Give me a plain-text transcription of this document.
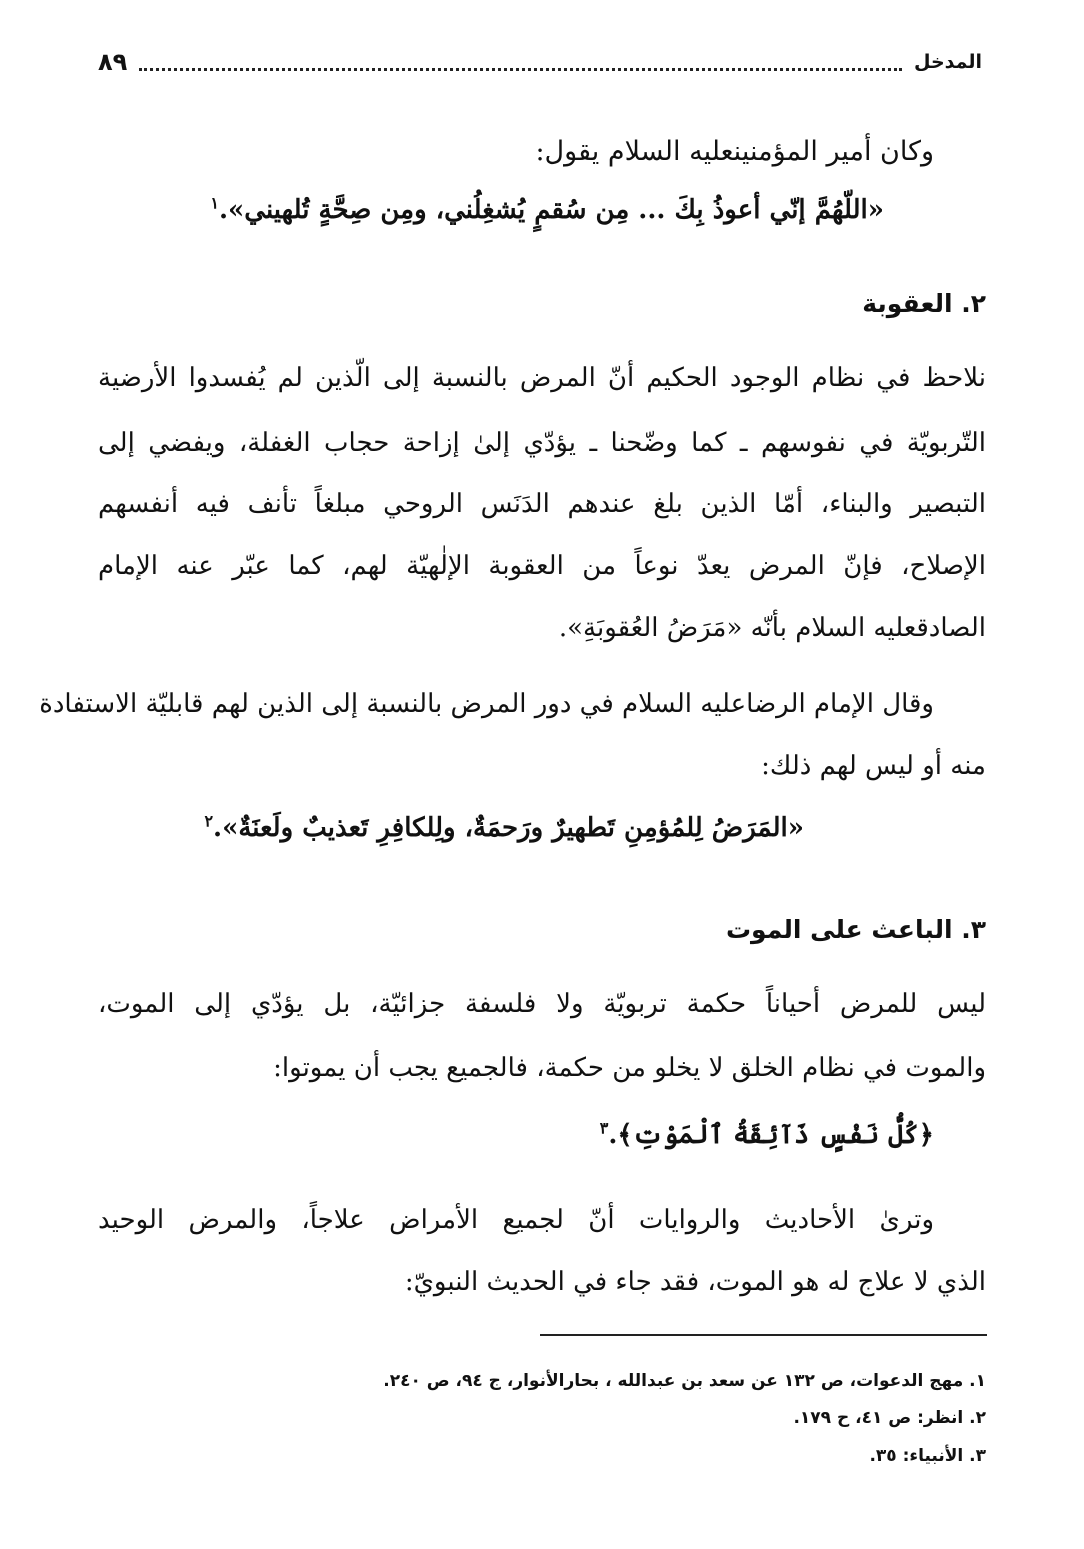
المدخل
٨٩
وكان أمير المؤمنينعليه السلام يقول:
«اللّهُمَّ إنّي أعوذُ بِكَ ... مِن سُقمٍ يُشغِلُني، ومِن صِحَّةٍ تُلهيني».$^١$
٢. العقوبة
نلاحظ في نظام الوجود الحكيم أنّ المرض بالنسبة إلى الّذين لم يُفسدوا الأرضية
التّربويّة في نفوسهم ـ كما وضّحنا ـ يؤدّي إلىٰ إزاحة حجاب الغفلة، ويفضي إلى
التبصير والبناء، أمّا الذين بلغ عندهم الدَنَس الروحي مبلغاً تأنف فيه أنفسهم
الإصلاح، فإنّ المرض يعدّ نوعاً من العقوبة الإلٰهيّة لهم، كما عبّر عنه الإمام
الصادقعليه السلام بأنّه «مَرَضُ العُقوبَةِ».
وقال الإمام الرضاعليه السلام في دور المرض بالنسبة إلى الذين لهم قابليّة الاستفادة
منه أو ليس لهم ذلك:
«المَرَضُ لِلمُؤمِنِ تَطهيرٌ ورَحمَةٌ، ولِلكافِرِ تَعذيبٌ ولَعنَةٌ».$^٢$
٣. الباعث على الموت
ليس للمرض أحياناً حكمة تربويّة ولا فلسفة جزائيّة، بل يؤدّي إلى الموت،
والموت في نظام الخلق لا يخلو من حكمة، فالجميع يجب أن يموتوا:
﴿كُلُّ نَفْسٍ ذَآئِقَةُ ٱلْمَوْتِ﴾.$^٣$
وترىٰ الأحاديث والروايات أنّ لجميع الأمراض علاجاً، والمرض الوحيد
الذي لا علاج له هو الموت، فقد جاء في الحديث النبويّ:
١. مهج الدعوات، ص ١٣٢ عن سعد بن عبدالله ، بحارالأنوار، ج ٩٤، ص ٢٤٠.
٢. انظر: ص ٤١، ح ١٧٩.
٣. الأنبياء: ٣٥.
